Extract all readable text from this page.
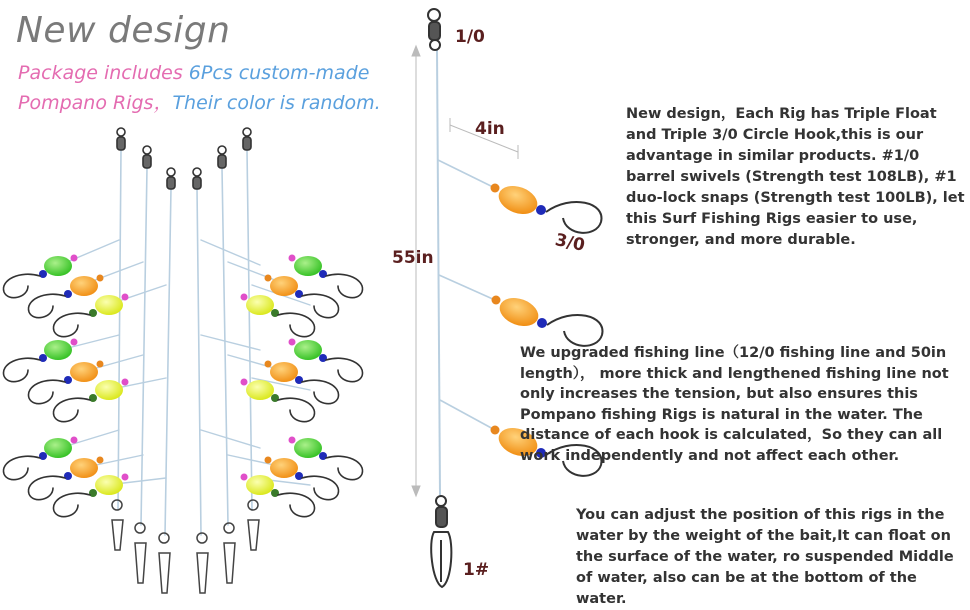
New design
Package includes 6Pcs custom-made
Pompano Rigs，Their color is random.
1/0
4in
3/0
55in
1#
New design，Each Rig has Triple Float and Triple 3/0 Circle Hook,this is our advantage in similar products. #1/0 barrel swivels (Strength test 108LB), #1 duo-lock snaps (Strength test 100LB), let this Surf Fishing Rigs easier to use, stronger, and more durable.
We upgraded fishing line（12/0 fishing line and 50in length）， more thick and lengthened fishing line not only increases the tension, but also ensures this Pompano fishing Rigs is natural in the water. The distance of each hook is calculated，So they can all work independently and not affect each other.
You can adjust the position of this rigs in the water by the weight of the bait,It can float on the surface of the water, ro suspended Middle of water, also can be at the bottom of the water.
